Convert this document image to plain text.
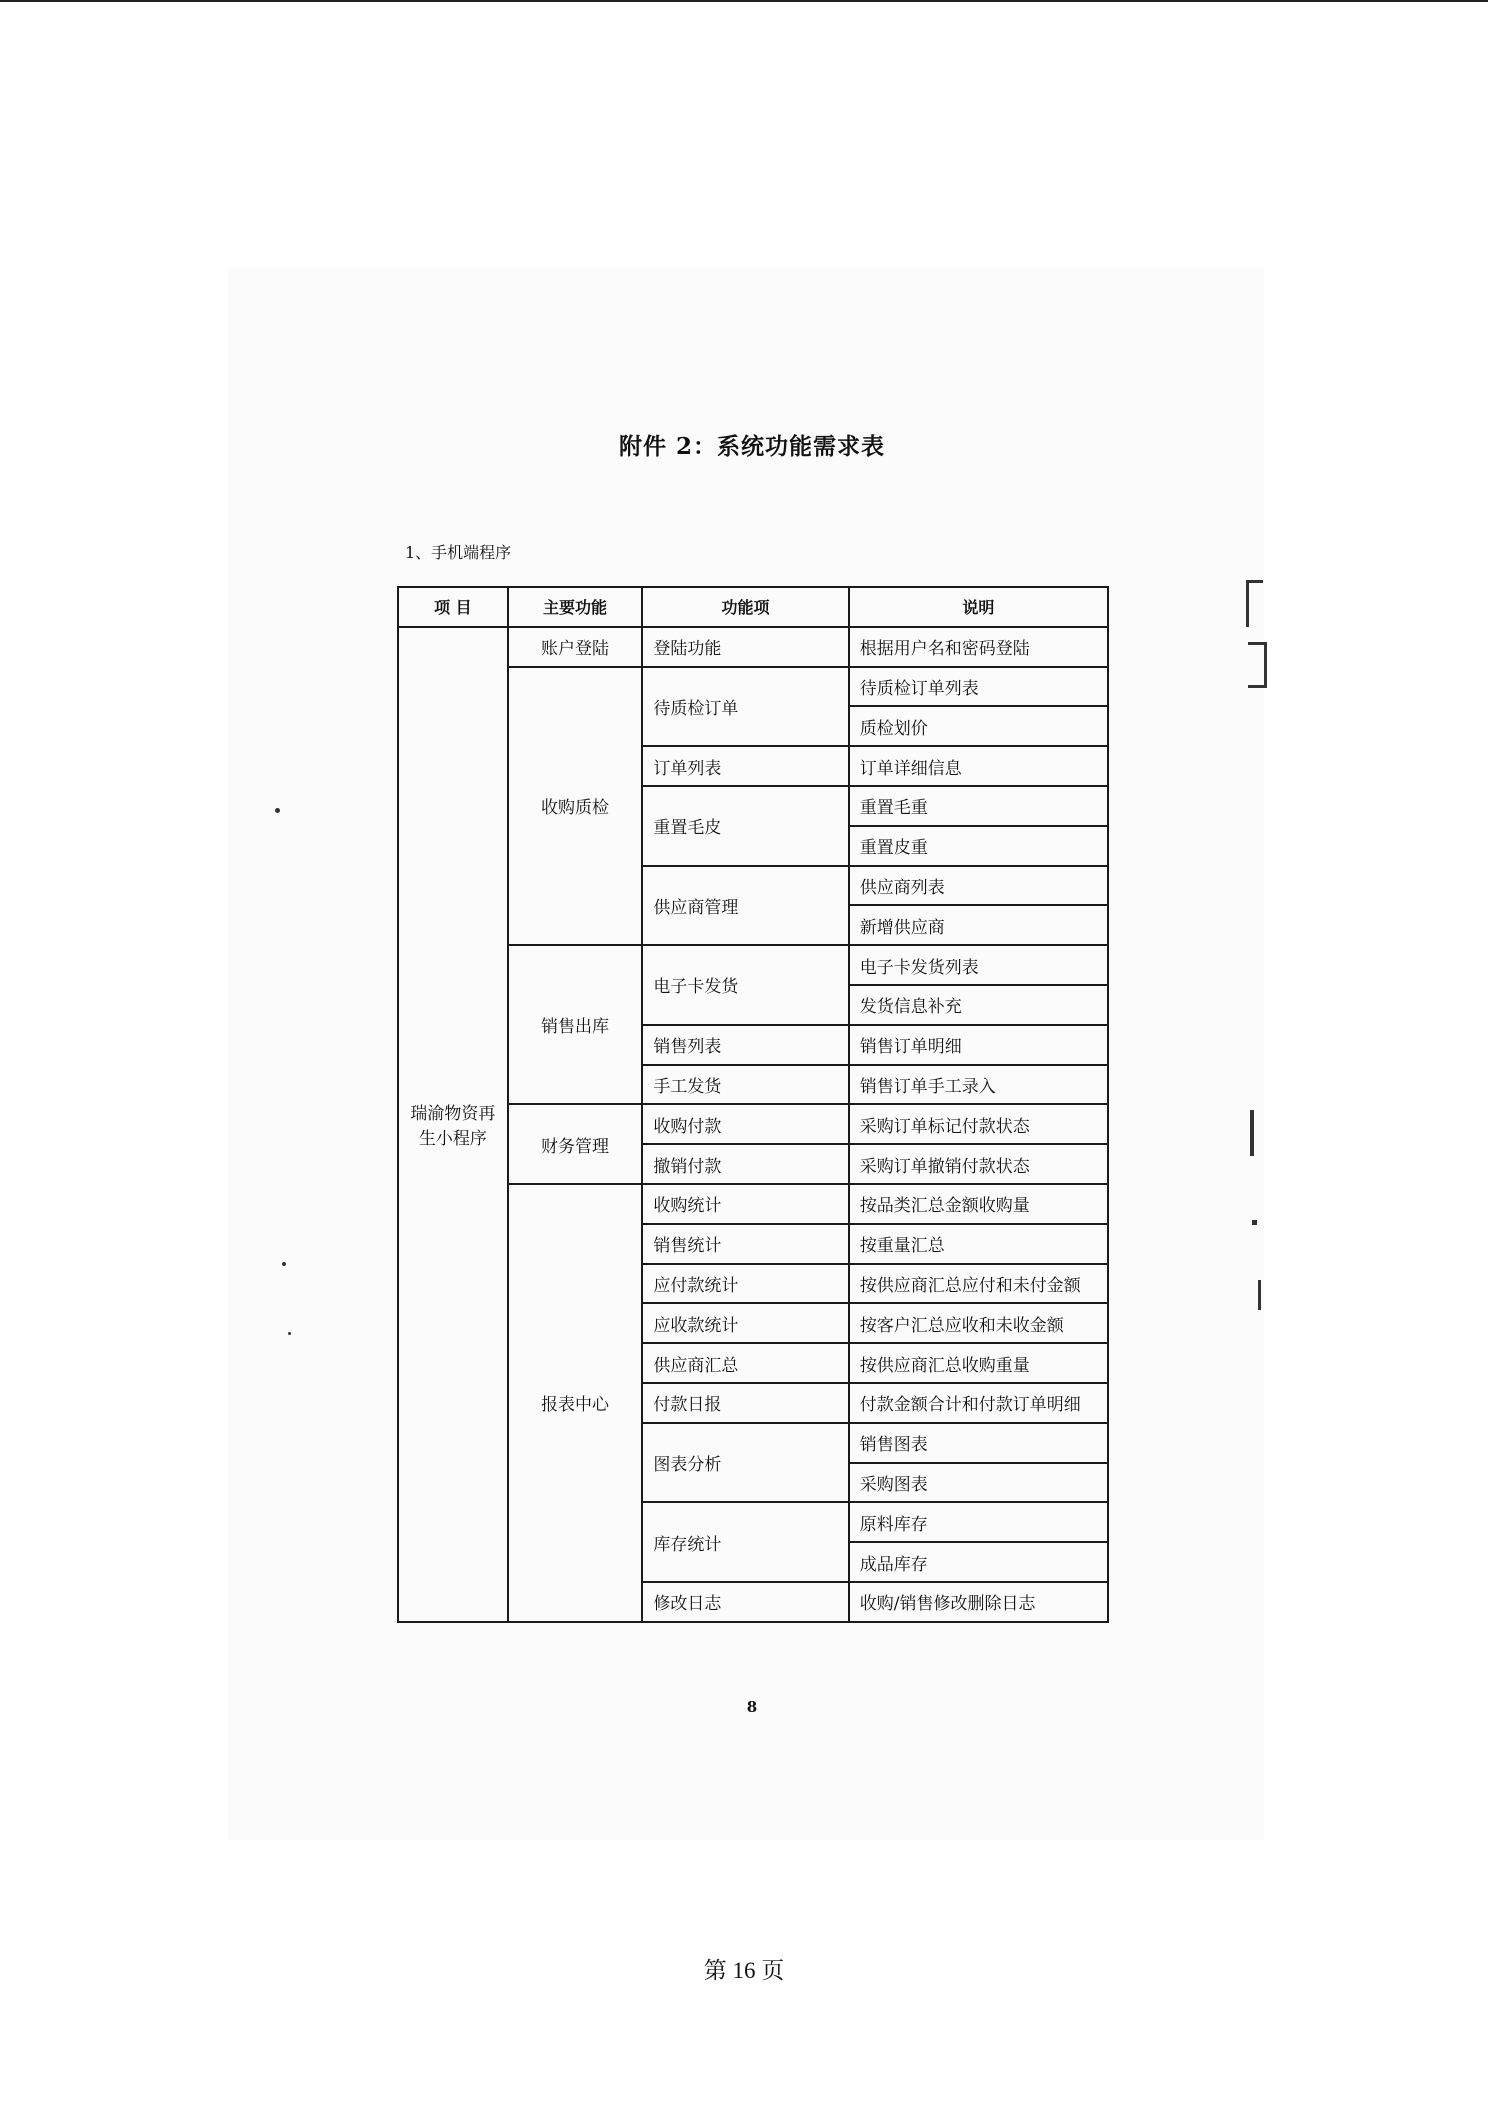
附件 2：系统功能需求表
1、手机端程序
项 目	主要功能	功能项	说明
瑞渝物资再生小程序	账户登陆	登陆功能	根据用户名和密码登陆
	收购质检	待质检订单	待质检订单列表
			质检划价
		订单列表	订单详细信息
		重置毛皮	重置毛重
			重置皮重
		供应商管理	供应商列表
			新增供应商
	销售出库	电子卡发货	电子卡发货列表
			发货信息补充
		销售列表	销售订单明细
		手工发货	销售订单手工录入
	财务管理	收购付款	采购订单标记付款状态
		撤销付款	采购订单撤销付款状态
	报表中心	收购统计	按品类汇总金额收购量
		销售统计	按重量汇总
		应付款统计	按供应商汇总应付和未付金额
		应收款统计	按客户汇总应收和未收金额
		供应商汇总	按供应商汇总收购重量
		付款日报	付款金额合计和付款订单明细
		图表分析	销售图表
			采购图表
		库存统计	原料库存
			成品库存
		修改日志	收购/销售修改删除日志
8
第 16 页
